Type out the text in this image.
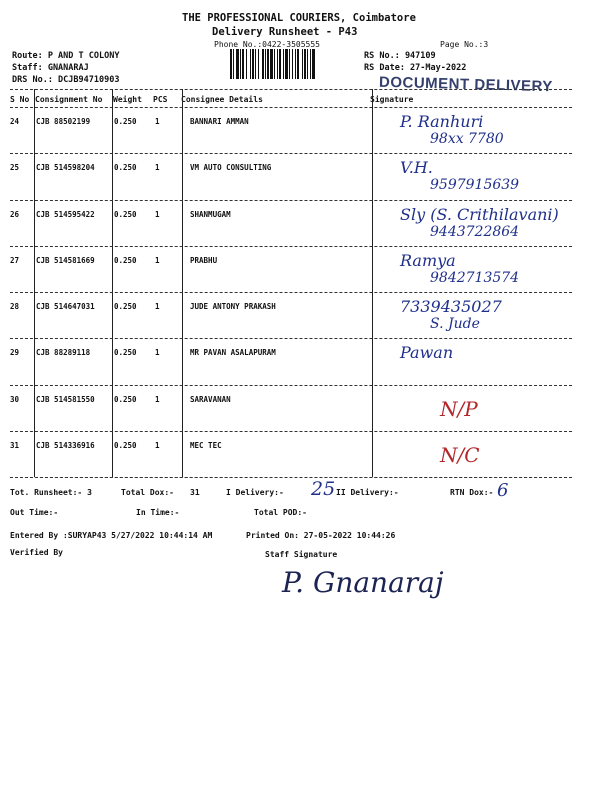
THE PROFESSIONAL COURIERS, Coimbatore
Delivery Runsheet - P43
Phone No.:0422-3505555	Page No.:3
Route: P AND T COLONY
Staff: GNANARAJ
DRS No.: DCJB94710903
RS No.: 947109
RS Date: 27-May-2022
DOCUMENT DELIVERY
S No Consignment No Weight PCS Consignee Details	Signature
24 CJB 88502199	0.250 1	BANNARI AMMAN	P. Ranhuri
98xx 7780
25 CJB 514598204	0.250 1	VM AUTO CONSULTING	V.H.
9597915639
26 CJB 514595422	0.250 1	SHANMUGAM	Sly (S. Crithilavani)
9443722864
27 CJB 514581669	0.250 1	PRABHU	Ramya
9842713574
28 CJB 514647031	0.250 1	JUDE ANTONY PRAKASH	7339435027
S. Jude
29 CJB 88289118	0.250 1	MR PAVAN ASALAPURAM	Pawan
30 CJB 514581550	0.250 1	SARAVANAN	N/P
31 CJB 514336916	0.250 1	MEC TEC	N/C
Tot. Runsheet:- 3	Total Dox:- 31	I Delivery:- 25 II Delivery:-	RTN Dox:- 6
Out Time:-	In Time:-	Total POD:-
Entered By :SURYAP43 5/27/2022 10:44:14 AM	Printed On: 27-05-2022 10:44:26
Verified By	Staff Signature
P. Gnanaraj
